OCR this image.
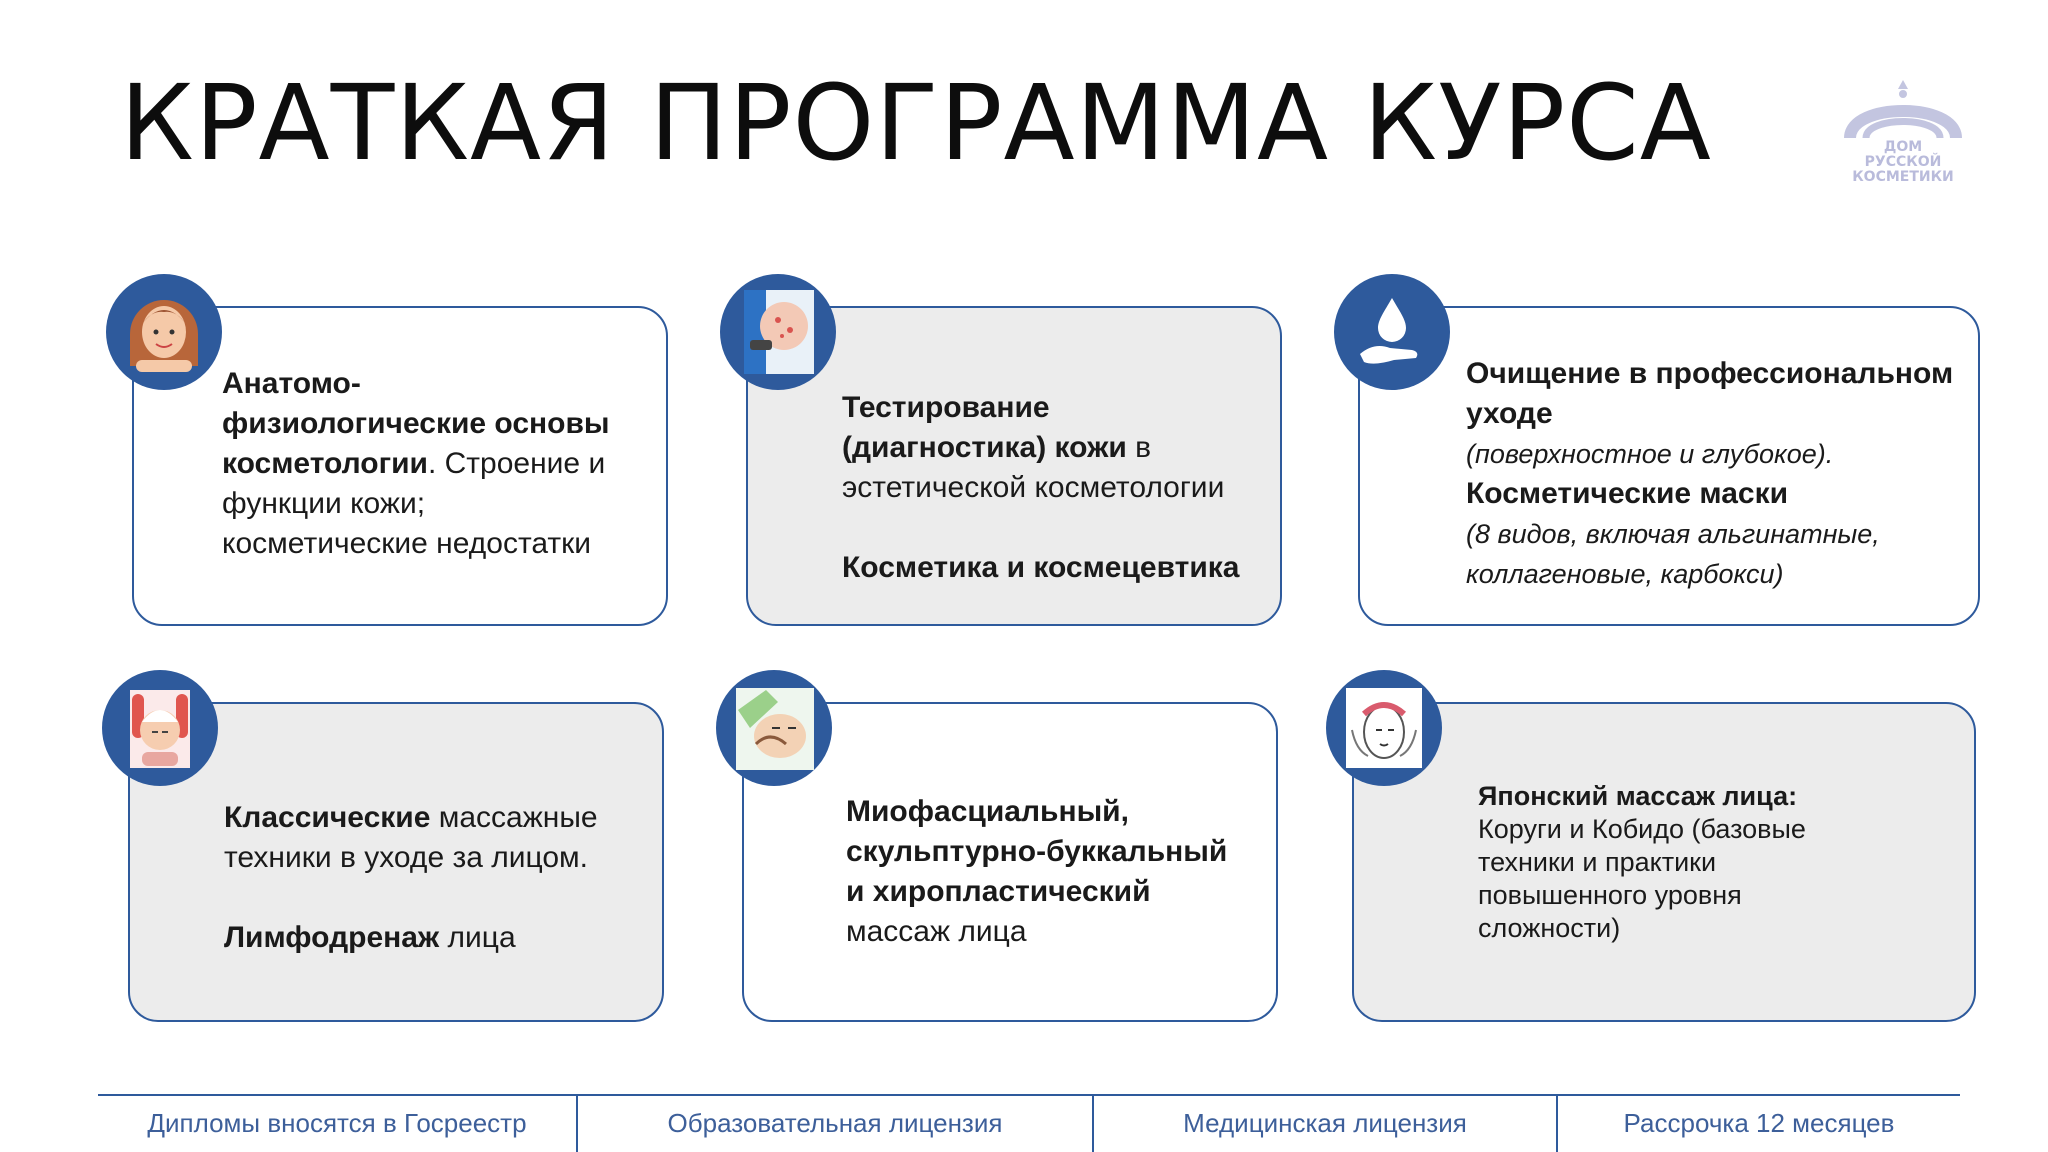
КРАТКАЯ ПРОГРАММА КУРСА	ДОМ
РУССКОЙ
КОСМЕТИКИ

Анатомо-

физиологические основы

косметологии. Строение и

функции кожи;

косметические недостатки

Тестирование

(диагностика) кожи в

эстетической косметологии

Косметика и космецевтика

Очищение в профессиональном

уходе

(поверхностное и глубокое).

Косметические маски

(8 видов, включая альгинатные,

коллагеновые, карбокси)

Классические массажные

техники в уходе за лицом.

Лимфодренаж лица

Миофасциальный,

скульптурно-буккальный

и хиропластический

массаж лица

Японский массаж лица:

Коруги и Кобидо (базовые

техники и практики

повышенного уровня

сложности)

Дипломы вносятся в Госреестр	Образовательная лицензия	Медицинская лицензия	Рассрочка 12 месяцев
